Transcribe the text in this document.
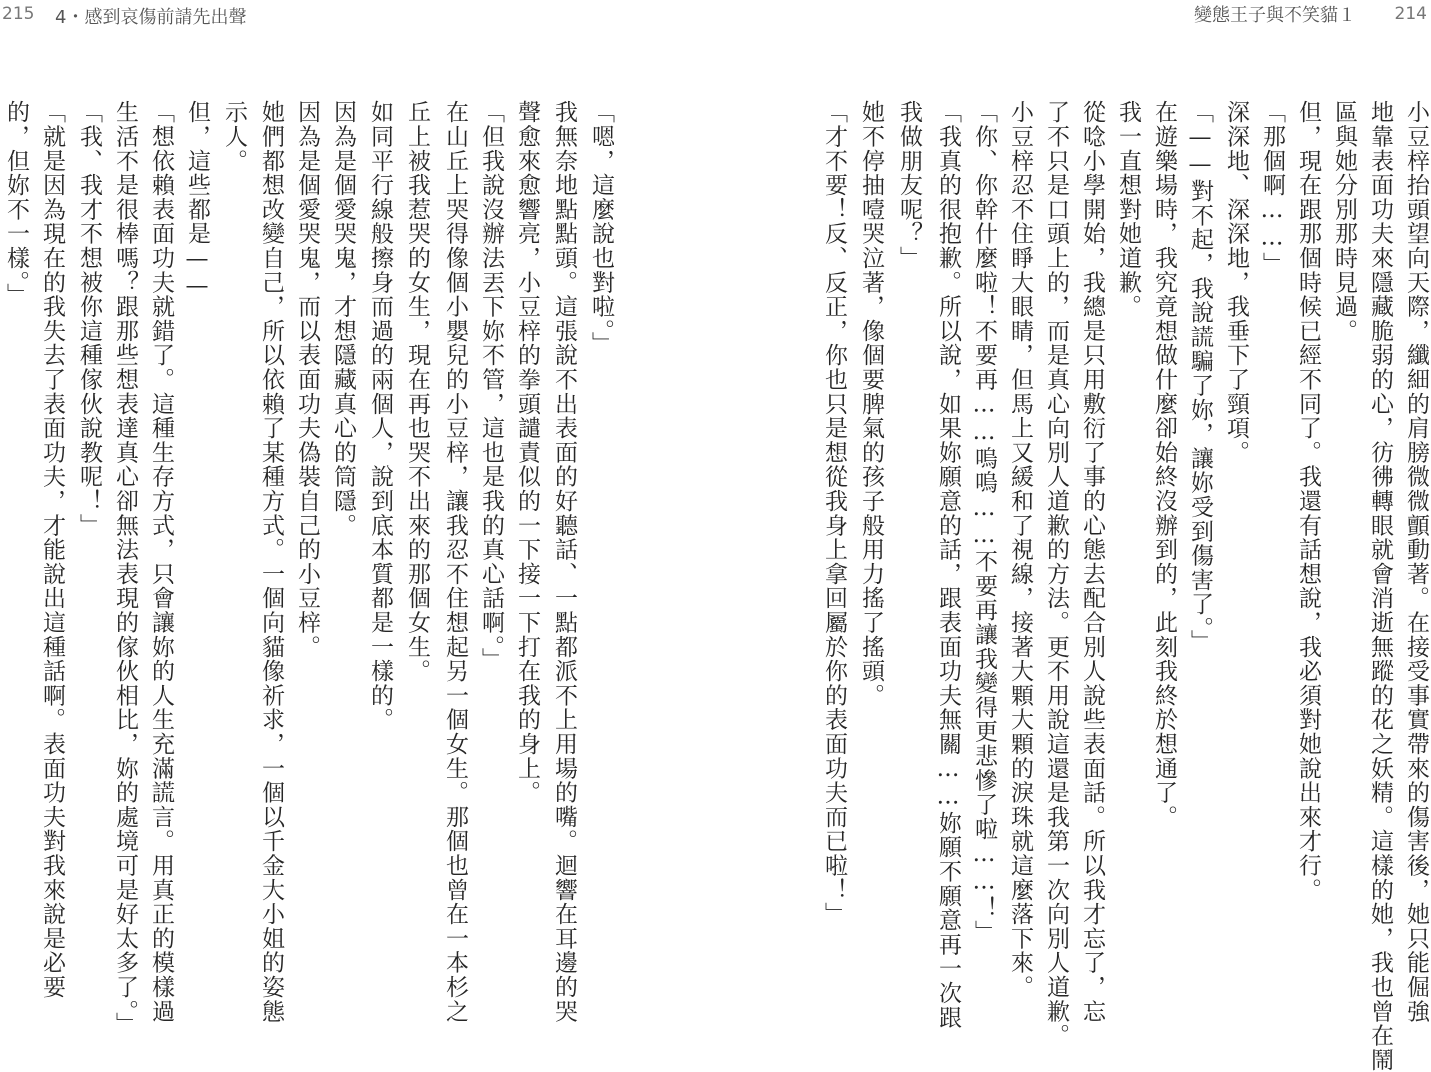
215 4・感到哀傷前請先出聲	變態王子與不笑貓１ 214
小豆梓抬頭望向天際，纖細的肩膀微微顫動著。在接受事實帶來的傷害後，她只能倔強
地靠表面功夫來隱藏脆弱的心，彷彿轉眼就會消逝無蹤的花之妖精。這樣的她，我也曾在鬧
區與她分別那時見過。
但，現在跟那個時候已經不同了。我還有話想說，我必須對她說出來才行。
「那個啊……」
深深地、深深地，我垂下了頸項。
「——對不起，我說謊騙了妳，讓妳受到傷害了。」
在遊樂場時，我究竟想做什麼卻始終沒辦到的，此刻我終於想通了。
我一直想對她道歉。
從唸小學開始，我總是只用敷衍了事的心態去配合別人說些表面話。所以我才忘了，忘
了不只是口頭上的，而是真心向別人道歉的方法。更不用說這還是我第一次向別人道歉。
小豆梓忍不住睜大眼睛，但馬上又緩和了視線，接著大顆大顆的淚珠就這麼落下來。
「你、你幹什麼啦！不要再……嗚嗚……不要再讓我變得更悲慘了啦……！」
「我真的很抱歉。所以說，如果妳願意的話，跟表面功夫無關……妳願不願意再一次跟
我做朋友呢？」
她不停抽噎哭泣著，像個要脾氣的孩子般用力搖了搖頭。
「才不要！反、反正，你也只是想從我身上拿回屬於你的表面功夫而已啦！」
「嗯，這麼說也對啦。」
我無奈地點點頭。這張說不出表面的好聽話、一點都派不上用場的嘴。迴響在耳邊的哭
聲愈來愈響亮，小豆梓的拳頭譴責似的一下接一下打在我的身上。
「但我說沒辦法丟下妳不管，這也是我的真心話啊。」
在山丘上哭得像個小嬰兒的小豆梓，讓我忍不住想起另一個女生。那個也曾在一本杉之
丘上被我惹哭的女生，現在再也哭不出來的那個女生。
如同平行線般擦身而過的兩個人，說到底本質都是一樣的。
因為是個愛哭鬼，才想隱藏真心的筒隱。
因為是個愛哭鬼，而以表面功夫偽裝自己的小豆梓。
她們都想改變自己，所以依賴了某種方式。一個向貓像祈求，一個以千金大小姐的姿態
示人。
但，這些都是——
「想依賴表面功夫就錯了。這種生存方式，只會讓妳的人生充滿謊言。用真正的模樣過
生活不是很棒嗎？跟那些想表達真心卻無法表現的傢伙相比，妳的處境可是好太多了。」
「我、我才不想被你這種傢伙說教呢！」
「就是因為現在的我失去了表面功夫，才能說出這種話啊。表面功夫對我來說是必要
的，但妳不一樣。」
